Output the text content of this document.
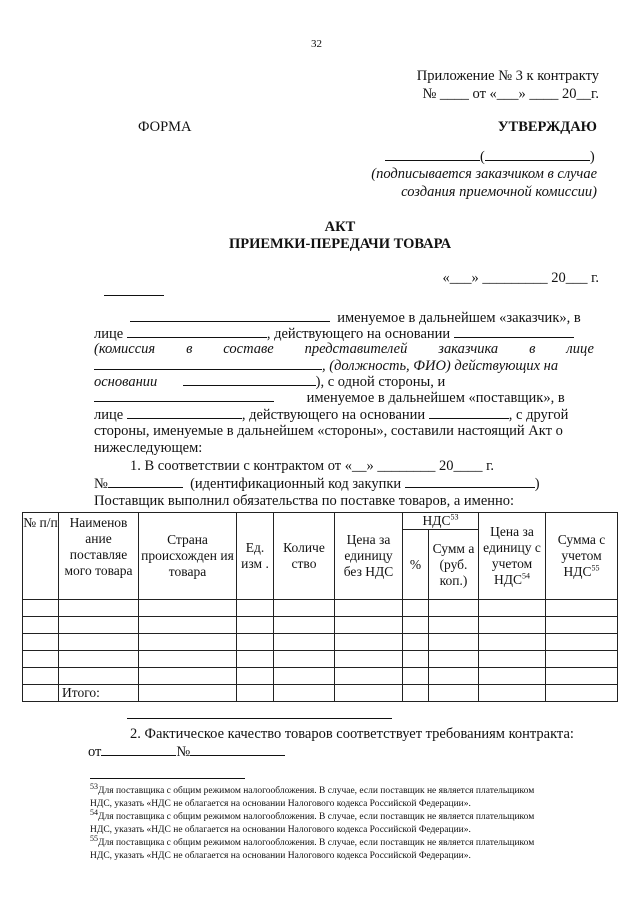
32
Приложение № 3 к контракту
№ ____ от «___» ____ 20__г.
ФОРМА	УТВЕРЖДАЮ
(	)
(подписывается заказчиком в случае
создания приемочной комиссии)
АКТ
ПРИЕМКИ-ПЕРЕДАЧИ ТОВАРА
«___» _________ 20___ г.
именуемое в дальнейшем «заказчик», в
лице	, действующего на основании
(комиссия в составе представителей заказчика в лице
, (должность, ФИО) действующих на
основании	), с одной стороны, и
именуемое в дальнейшем «поставщик», в
лице	, действующего на основании	, с другой
стороны, именуемые в дальнейшем «стороны», составили настоящий Акт о
нижеследующем:
1. В соответствии с контрактом от «__» ________ 20____ г.
№	(идентификационный код закупки	)
Поставщик выполнил обязательства по поставке товаров, а именно:
№ п/п	Наименов ание поставляе мого товара	Страна происхожден ия товара	Ед. изм .	Количе ство	Цена за единицу без НДС	НДС$^{53}$		Цена за единицу с учетом НДС$^{54}$	Сумма с учетом НДС$^{55}$
						%	Сумм а (руб. коп.)		

	Итого:								
2. Фактическое качество товаров соответствует требованиям контракта:
от	№
$^{53}$Для поставщика с общим режимом налогообложения. В случае, если поставщик не является плательщиком
НДС, указать «НДС не облагается на основании Налогового кодекса Российской Федерации».
$^{54}$Для поставщика с общим режимом налогообложения. В случае, если поставщик не является плательщиком
НДС, указать «НДС не облагается на основании Налогового кодекса Российской Федерации».
$^{55}$Для поставщика с общим режимом налогообложения. В случае, если поставщик не является плательщиком
НДС, указать «НДС не облагается на основании Налогового кодекса Российской Федерации».
